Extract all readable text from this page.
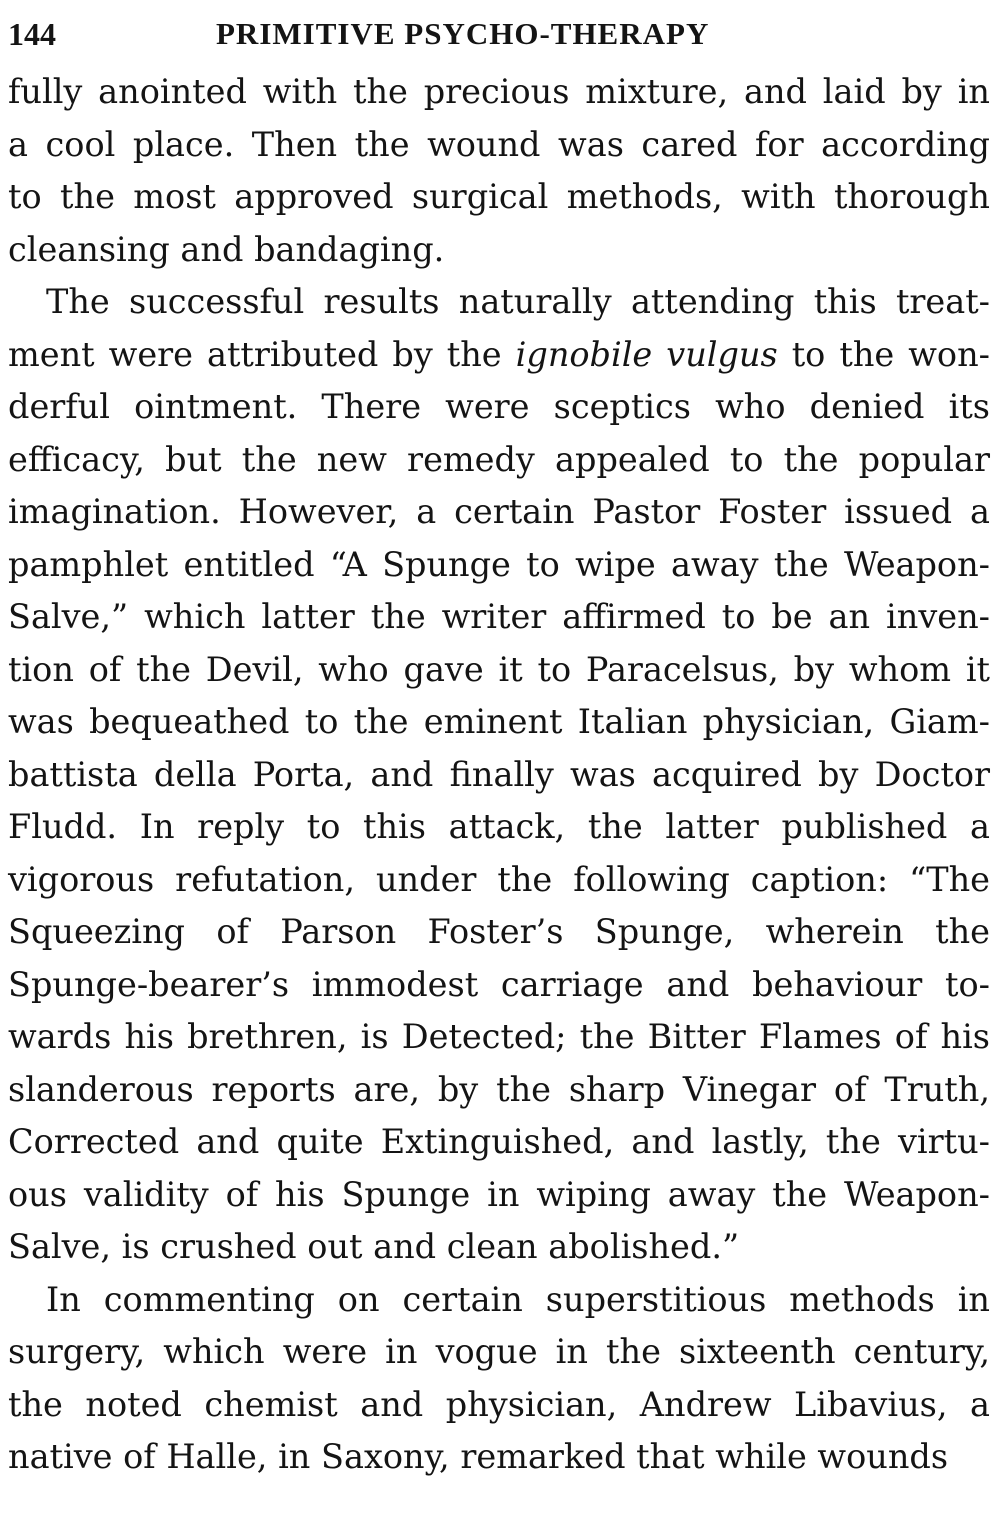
144	PRIMITIVE PSYCHO-THERAPY
fully anointed with the precious mixture, and laid by in
a cool place. Then the wound was cared for according
to the most approved surgical methods, with thorough
cleansing and bandaging.
The successful results naturally attending this treat-
ment were attributed by the ignobile vulgus to the won-
derful ointment. There were sceptics who denied its
efficacy, but the new remedy appealed to the popular
imagination. However, a certain Pastor Foster issued a
pamphlet entitled “A Spunge to wipe away the Weapon-
Salve,” which latter the writer affirmed to be an inven-
tion of the Devil, who gave it to Paracelsus, by whom it
was bequeathed to the eminent Italian physician, Giam-
battista della Porta, and finally was acquired by Doctor
Fludd. In reply to this attack, the latter published a
vigorous refutation, under the following caption: “The
Squeezing of Parson Foster’s Spunge, wherein the
Spunge-bearer’s immodest carriage and behaviour to-
wards his brethren, is Detected; the Bitter Flames of his
slanderous reports are, by the sharp Vinegar of Truth,
Corrected and quite Extinguished, and lastly, the virtu-
ous validity of his Spunge in wiping away the Weapon-
Salve, is crushed out and clean abolished.”
In commenting on certain superstitious methods in
surgery, which were in vogue in the sixteenth century,
the noted chemist and physician, Andrew Libavius, a
native of Halle, in Saxony, remarked that while wounds
